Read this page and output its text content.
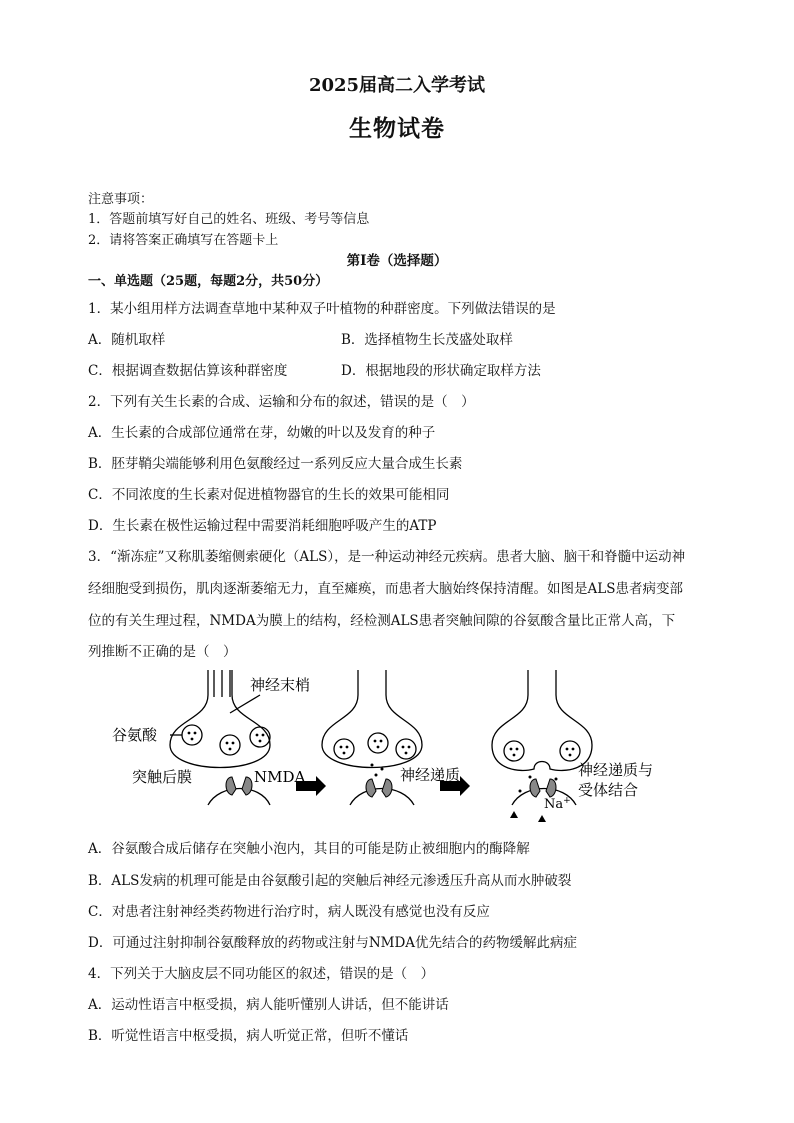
2025届高二入学考试
生物试卷
注意事项：
1．答题前填写好自己的姓名、班级、考号等信息
2．请将答案正确填写在答题卡上
第Ⅰ卷（选择题）
一、单选题（25题，每题2分，共50分）
1．某小组用样方法调查草地中某种双子叶植物的种群密度。下列做法错误的是
A．随机取样	B．选择植物生长茂盛处取样
C．根据调查数据估算该种群密度	D．根据地段的形状确定取样方法
2．下列有关生长素的合成、运输和分布的叙述，错误的是（　）
A．生长素的合成部位通常在芽，幼嫩的叶以及发育的种子
B．胚芽鞘尖端能够利用色氨酸经过一系列反应大量合成生长素
C．不同浓度的生长素对促进植物器官的生长的效果可能相同
D．生长素在极性运输过程中需要消耗细胞呼吸产生的ATP
3．“渐冻症”又称肌萎缩侧索硬化（ALS），是一种运动神经元疾病。患者大脑、脑干和脊髓中运动神
经细胞受到损伤，肌肉逐渐萎缩无力，直至瘫痪，而患者大脑始终保持清醒。如图是ALS患者病变部
位的有关生理过程，NMDA为膜上的结构，经检测ALS患者突触间隙的谷氨酸含量比正常人高，下
列推断不正确的是（　）
神经末梢
谷氨酸
突触后膜	NMDA	神经递质	神经递质与
受体结合
Na+
A．谷氨酸合成后储存在突触小泡内，其目的可能是防止被细胞内的酶降解
B．ALS发病的机理可能是由谷氨酸引起的突触后神经元渗透压升高从而水肿破裂
C．对患者注射神经类药物进行治疗时，病人既没有感觉也没有反应
D．可通过注射抑制谷氨酸释放的药物或注射与NMDA优先结合的药物缓解此病症
4．下列关于大脑皮层不同功能区的叙述，错误的是（　）
A．运动性语言中枢受损，病人能听懂别人讲话，但不能讲话
B．听觉性语言中枢受损，病人听觉正常，但听不懂话
